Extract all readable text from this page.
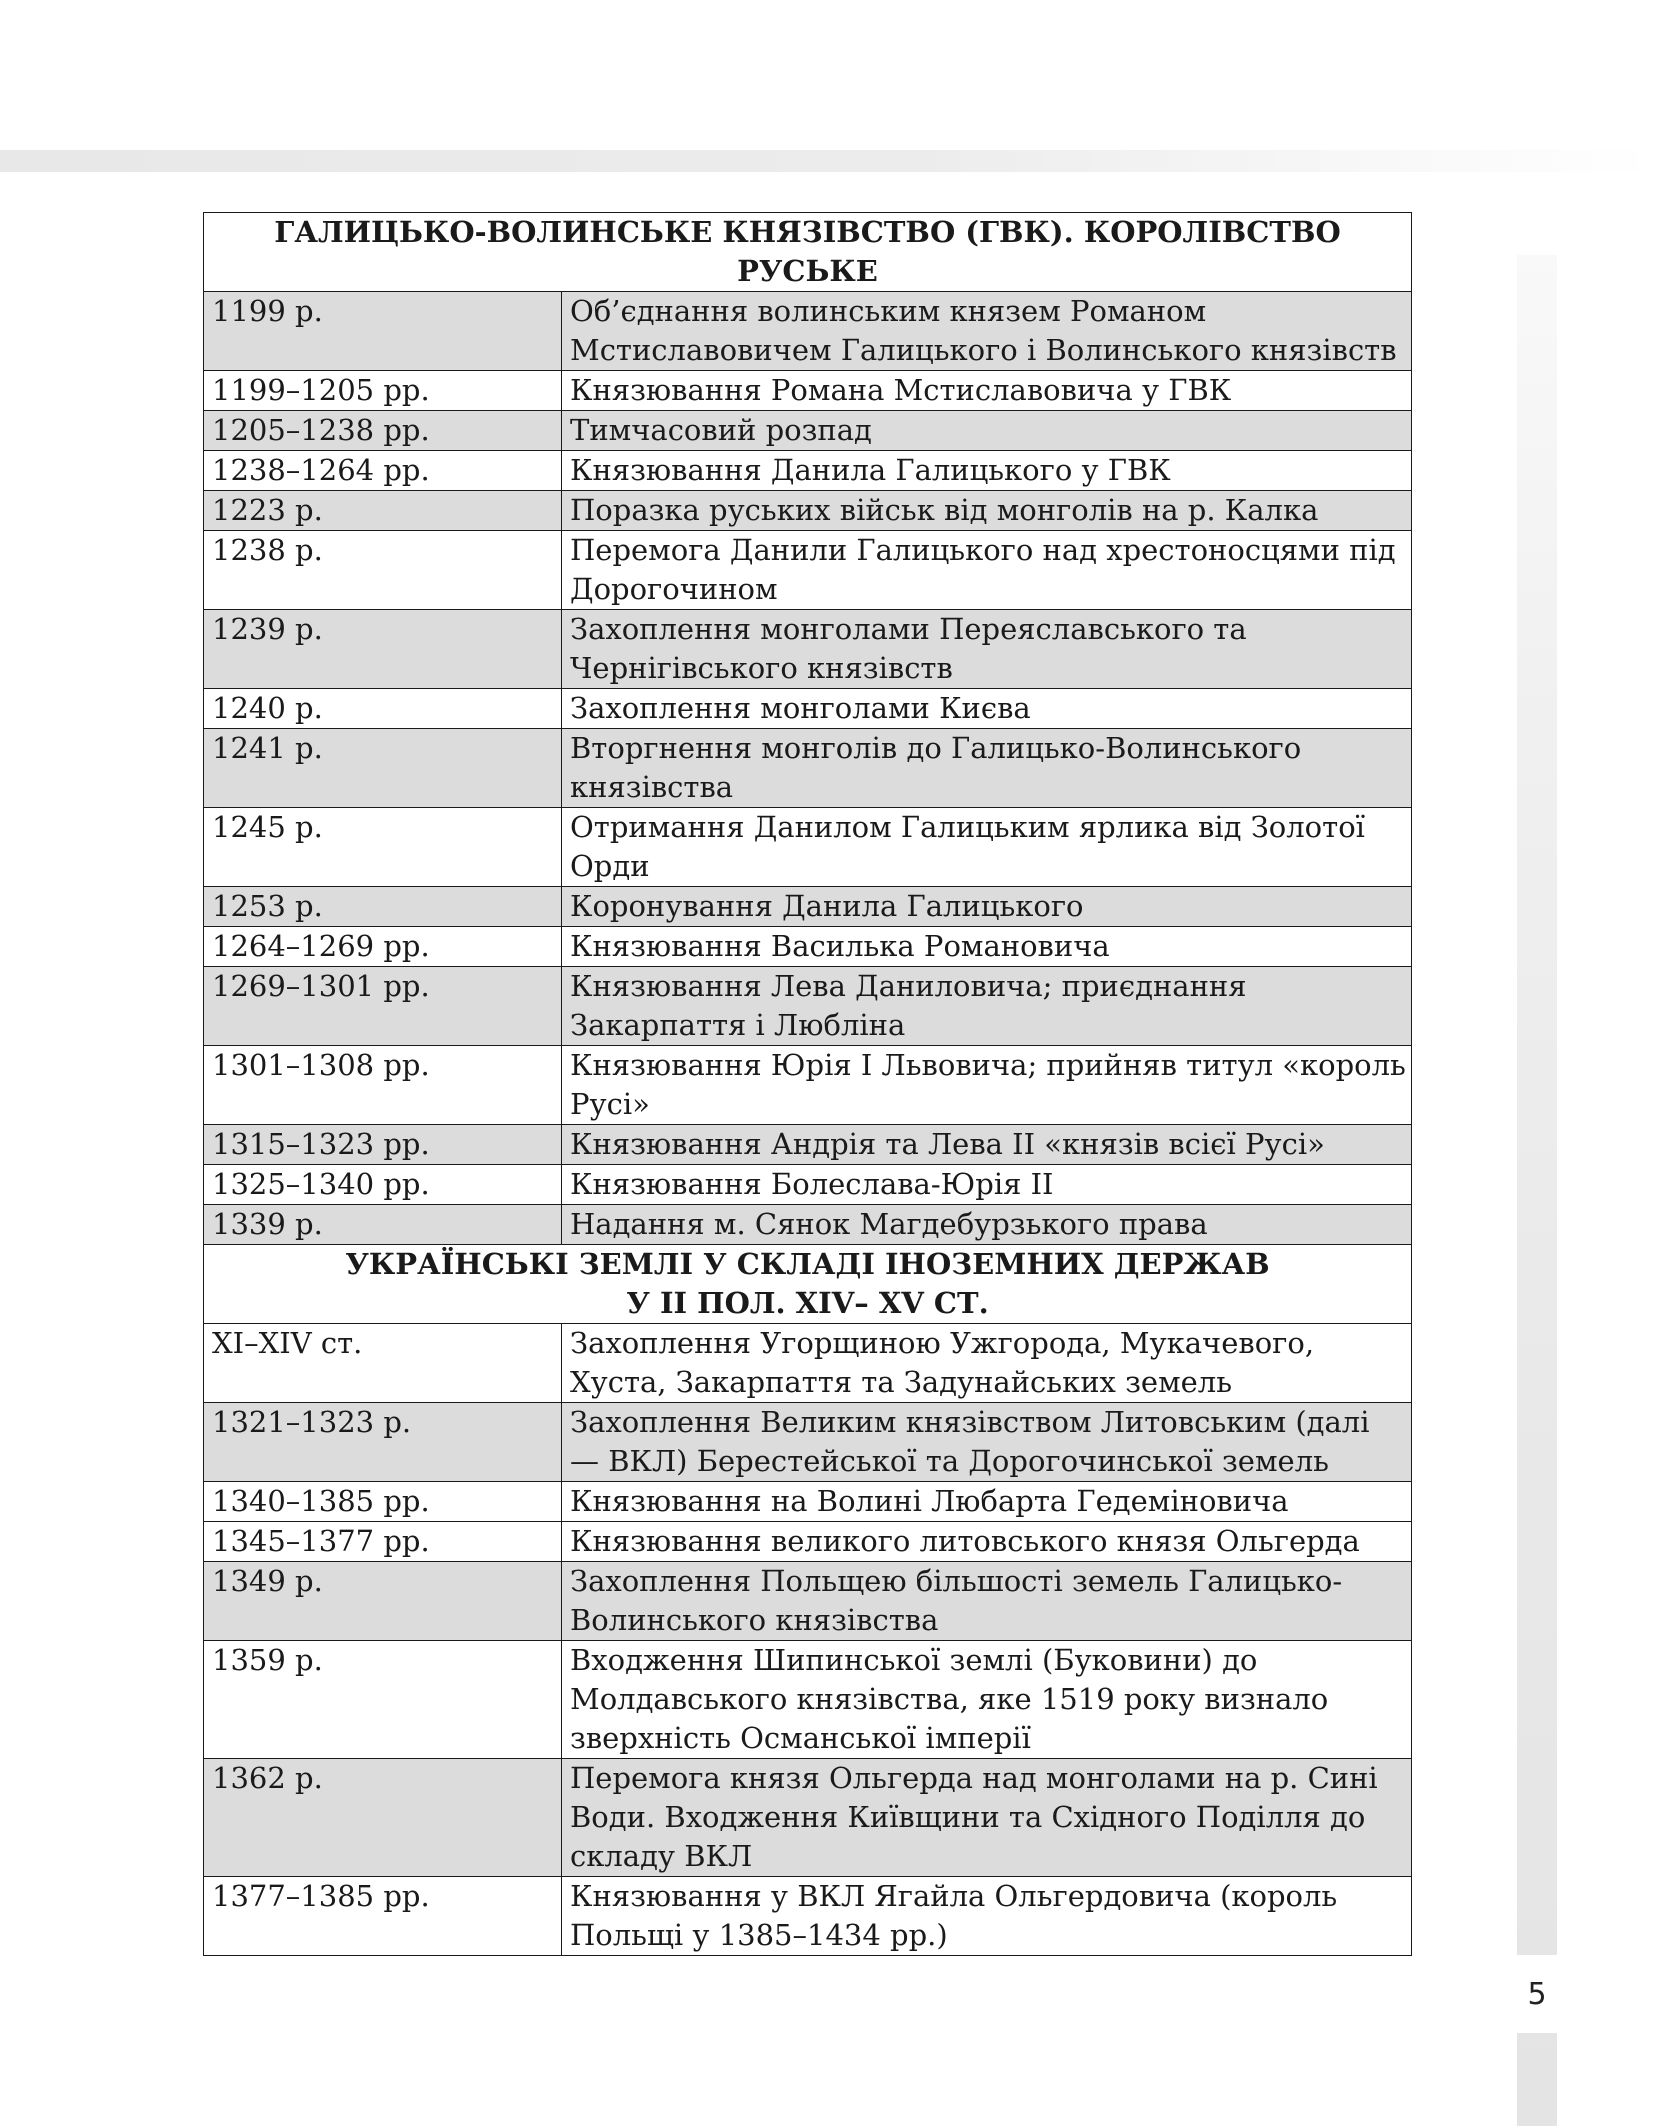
ГАЛИЦЬКО-ВОЛИНСЬКЕ КНЯЗІВСТВО (ГВК). КОРОЛІВСТВО РУСЬКЕ	
1199 р.	Об’єднання волинським князем Романом Мстиславовичем Галицького і Волинського князівств
1199–1205 рр.	Князювання Романа Мстиславовича у ГВК
1205–1238 рр.	Тимчасовий розпад
1238–1264 рр.	Князювання Данила Галицького у ГВК
1223 р.	Поразка руських військ від монголів на р. Калка
1238 р.	Перемога Данили Галицького над хрестоносцями під Дорогочином
1239 р.	Захоплення монголами Переяславського та Чернігівського князівств
1240 р.	Захоплення монголами Києва
1241 р.	Вторгнення монголів до Галицько-Волинського князівства
1245 р.	Отримання Данилом Галицьким ярлика від Золотої Орди
1253 р.	Коронування Данила Галицького
1264–1269 рр.	Князювання Василька Романовича
1269–1301 рр.	Князювання Лева Даниловича; приєднання Закарпаття і Люблiна
1301–1308 рр.	Князювання Юрія I Львовича; прийняв титул «король Русі»
1315–1323 рр.	Князювання Андрія та Лева II «князів всієї Русі»
1325–1340 рр.	Князювання Болеслава-Юрія II
1339 р.	Надання м. Сянок Магдебурзького права
УКРАЇНСЬКІ ЗЕМЛІ У СКЛАДІ ІНОЗЕМНИХ ДЕРЖАВ
У II ПОЛ. XIV– XV СТ.	
XI–XIV ст.	Захоплення Угорщиною Ужгорода, Мукачевого, Хуста, Закарпаття та Задунайських земель
1321–1323 р.	Захоплення Великим князівством Литовським (далі — ВКЛ) Берестейської та Дорогочинської земель
1340–1385 рр.	Князювання на Волині Любарта Гедеміновича
1345–1377 рр.	Князювання великого литовського князя Ольгерда
1349 р.	Захоплення Польщею більшості земель Галицько-Волинського князівства
1359 р.	Входження Шипинської землі (Буковини) до Молдавського князівства, яке 1519 року визнало зверхність Османської імперії
1362 р.	Перемога князя Ольгерда над монголами на р. Сині Води. Входження Київщини та Східного Поділля до складу ВКЛ
1377–1385 рр.	Князювання у ВКЛ Ягайла Ольгердовича (король Польщі у 1385–1434 рр.)
5
